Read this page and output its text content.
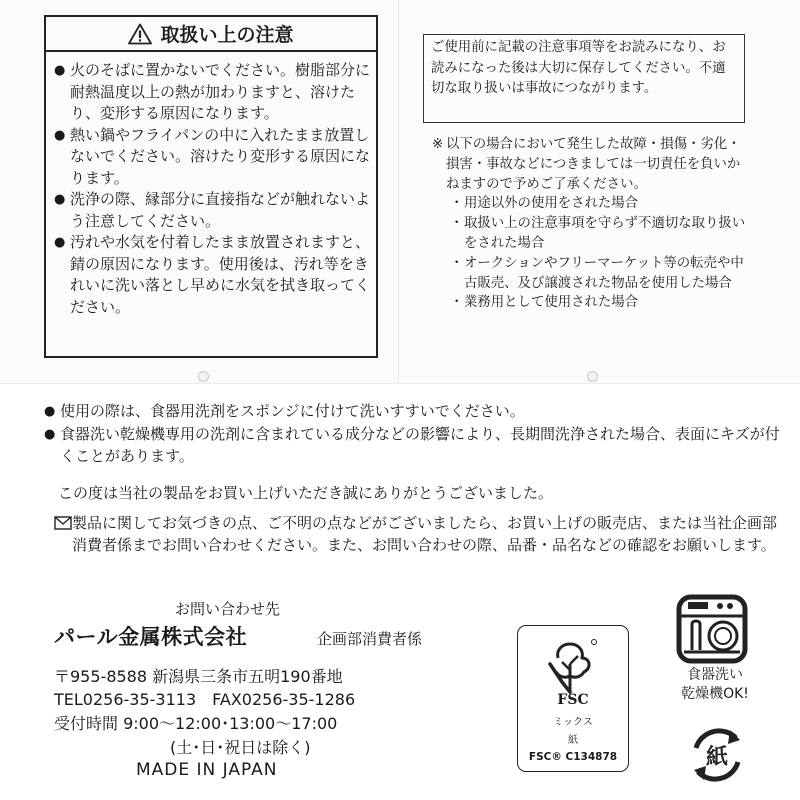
取扱い上の注意
● 火のそばに置かないでください。樹脂部分に耐熱温度以上の熱が加わりますと、溶けたり、変形する原因になります。
● 熱い鍋やフライパンの中に入れたまま放置しないでください。溶けたり変形する原因になります。
● 洗浄の際、縁部分に直接指などが触れないよう注意してください。
● 汚れや水気を付着したまま放置されますと、錆の原因になります。使用後は、汚れ等をきれいに洗い落とし早めに水気を拭き取ってください。
ご使用前に記載の注意事項等をお読みになり、お読みになった後は大切に保存してください。不適切な取り扱いは事故につながります。
※ 以下の場合において発生した故障・損傷・劣化・損害・事故などにつきましては一切責任を負いかねますので予めご了承ください。
・ 用途以外の使用をされた場合
・ 取扱い上の注意事項を守らず不適切な取り扱いをされた場合
・ オークションやフリーマーケット等の転売や中古販売、及び譲渡された物品を使用した場合
・ 業務用として使用された場合
● 使用の際は、食器用洗剤をスポンジに付けて洗いすすいでください。
● 食器洗い乾燥機専用の洗剤に含まれている成分などの影響により、長期間洗浄された場合、表面にキズが付くことがあります。
この度は当社の製品をお買い上げいただき誠にありがとうございました。
製品に関してお気づきの点、ご不明の点などがございましたら、お買い上げの販売店、または当社企画部消費者係までお問い合わせください。また、お問い合わせの際、品番・品名などの確認をお願いします。
お問い合わせ先
パール金属株式会社	企画部消費者係
〒955-8588 新潟県三条市五明190番地
TEL0256-35-3113　FAX0256-35-1286
受付時間 9:00〜12:00･13:00〜17:00
(土･日･祝日は除く)
MADE IN JAPAN
FSC
ミックス
紙
FSC® C134878
食器洗い
乾燥機OK!
紙
